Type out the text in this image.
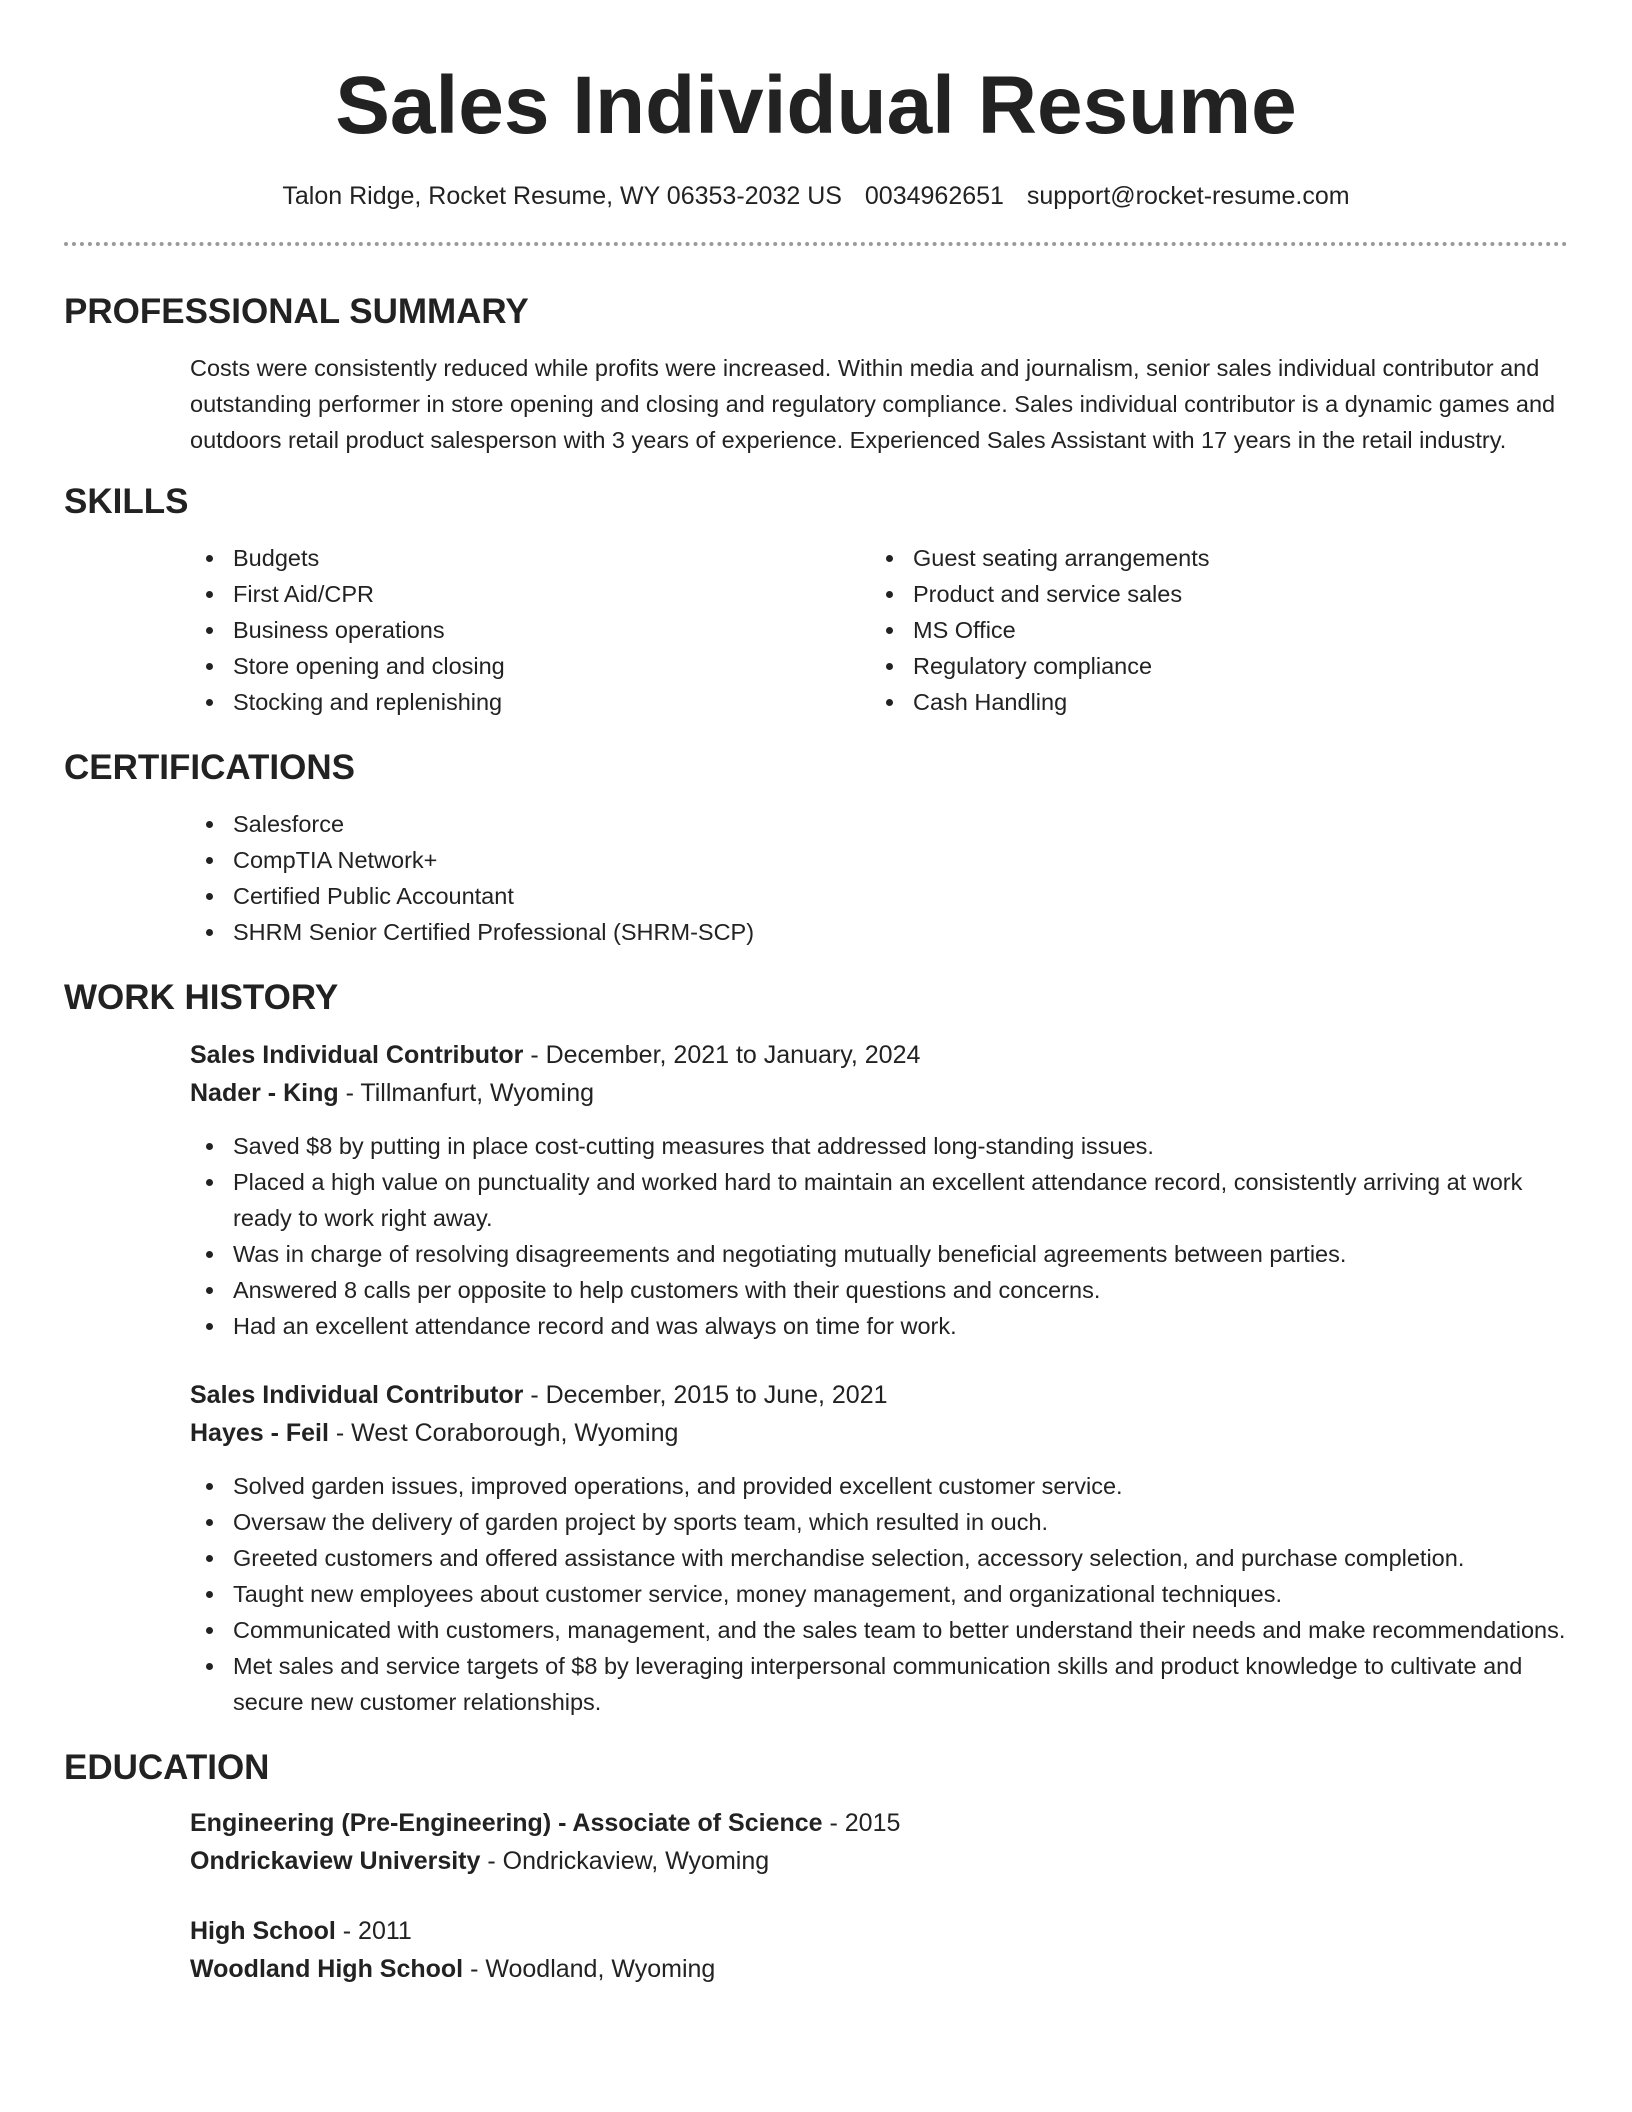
Sales Individual Resume
Talon Ridge, Rocket Resume, WY 06353-2032 US 0034962651 support@rocket-resume.com
PROFESSIONAL SUMMARY

Costs were consistently reduced while profits were increased. Within media and journalism, senior sales individual contributor and outstanding performer in store opening and closing and regulatory compliance. Sales individual contributor is a dynamic games and outdoors retail product salesperson with 3 years of experience. Experienced Sales Assistant with 17 years in the retail industry.

SKILLS
Budgets
First Aid/CPR
Business operations
Store opening and closing
Stocking and replenishing
Guest seating arrangements
Product and service sales
MS Office
Regulatory compliance
Cash Handling
CERTIFICATIONS
Salesforce
CompTIA Network+
Certified Public Accountant
SHRM Senior Certified Professional (SHRM-SCP)
WORK HISTORY
Sales Individual Contributor - December, 2021 to January, 2024
Nader - King - Tillmanfurt, Wyoming
Saved $8 by putting in place cost-cutting measures that addressed long-standing issues.
Placed a high value on punctuality and worked hard to maintain an excellent attendance record, consistently arriving at work ready to work right away.
Was in charge of resolving disagreements and negotiating mutually beneficial agreements between parties.
Answered 8 calls per opposite to help customers with their questions and concerns.
Had an excellent attendance record and was always on time for work.
Sales Individual Contributor - December, 2015 to June, 2021
Hayes - Feil - West Coraborough, Wyoming
Solved garden issues, improved operations, and provided excellent customer service.
Oversaw the delivery of garden project by sports team, which resulted in ouch.
Greeted customers and offered assistance with merchandise selection, accessory selection, and purchase completion.
Taught new employees about customer service, money management, and organizational techniques.
Communicated with customers, management, and the sales team to better understand their needs and make recommendations.
Met sales and service targets of $8 by leveraging interpersonal communication skills and product knowledge to cultivate and secure new customer relationships.
EDUCATION
Engineering (Pre-Engineering) - Associate of Science - 2015
Ondrickaview University - Ondrickaview, Wyoming
High School - 2011
Woodland High School - Woodland, Wyoming
